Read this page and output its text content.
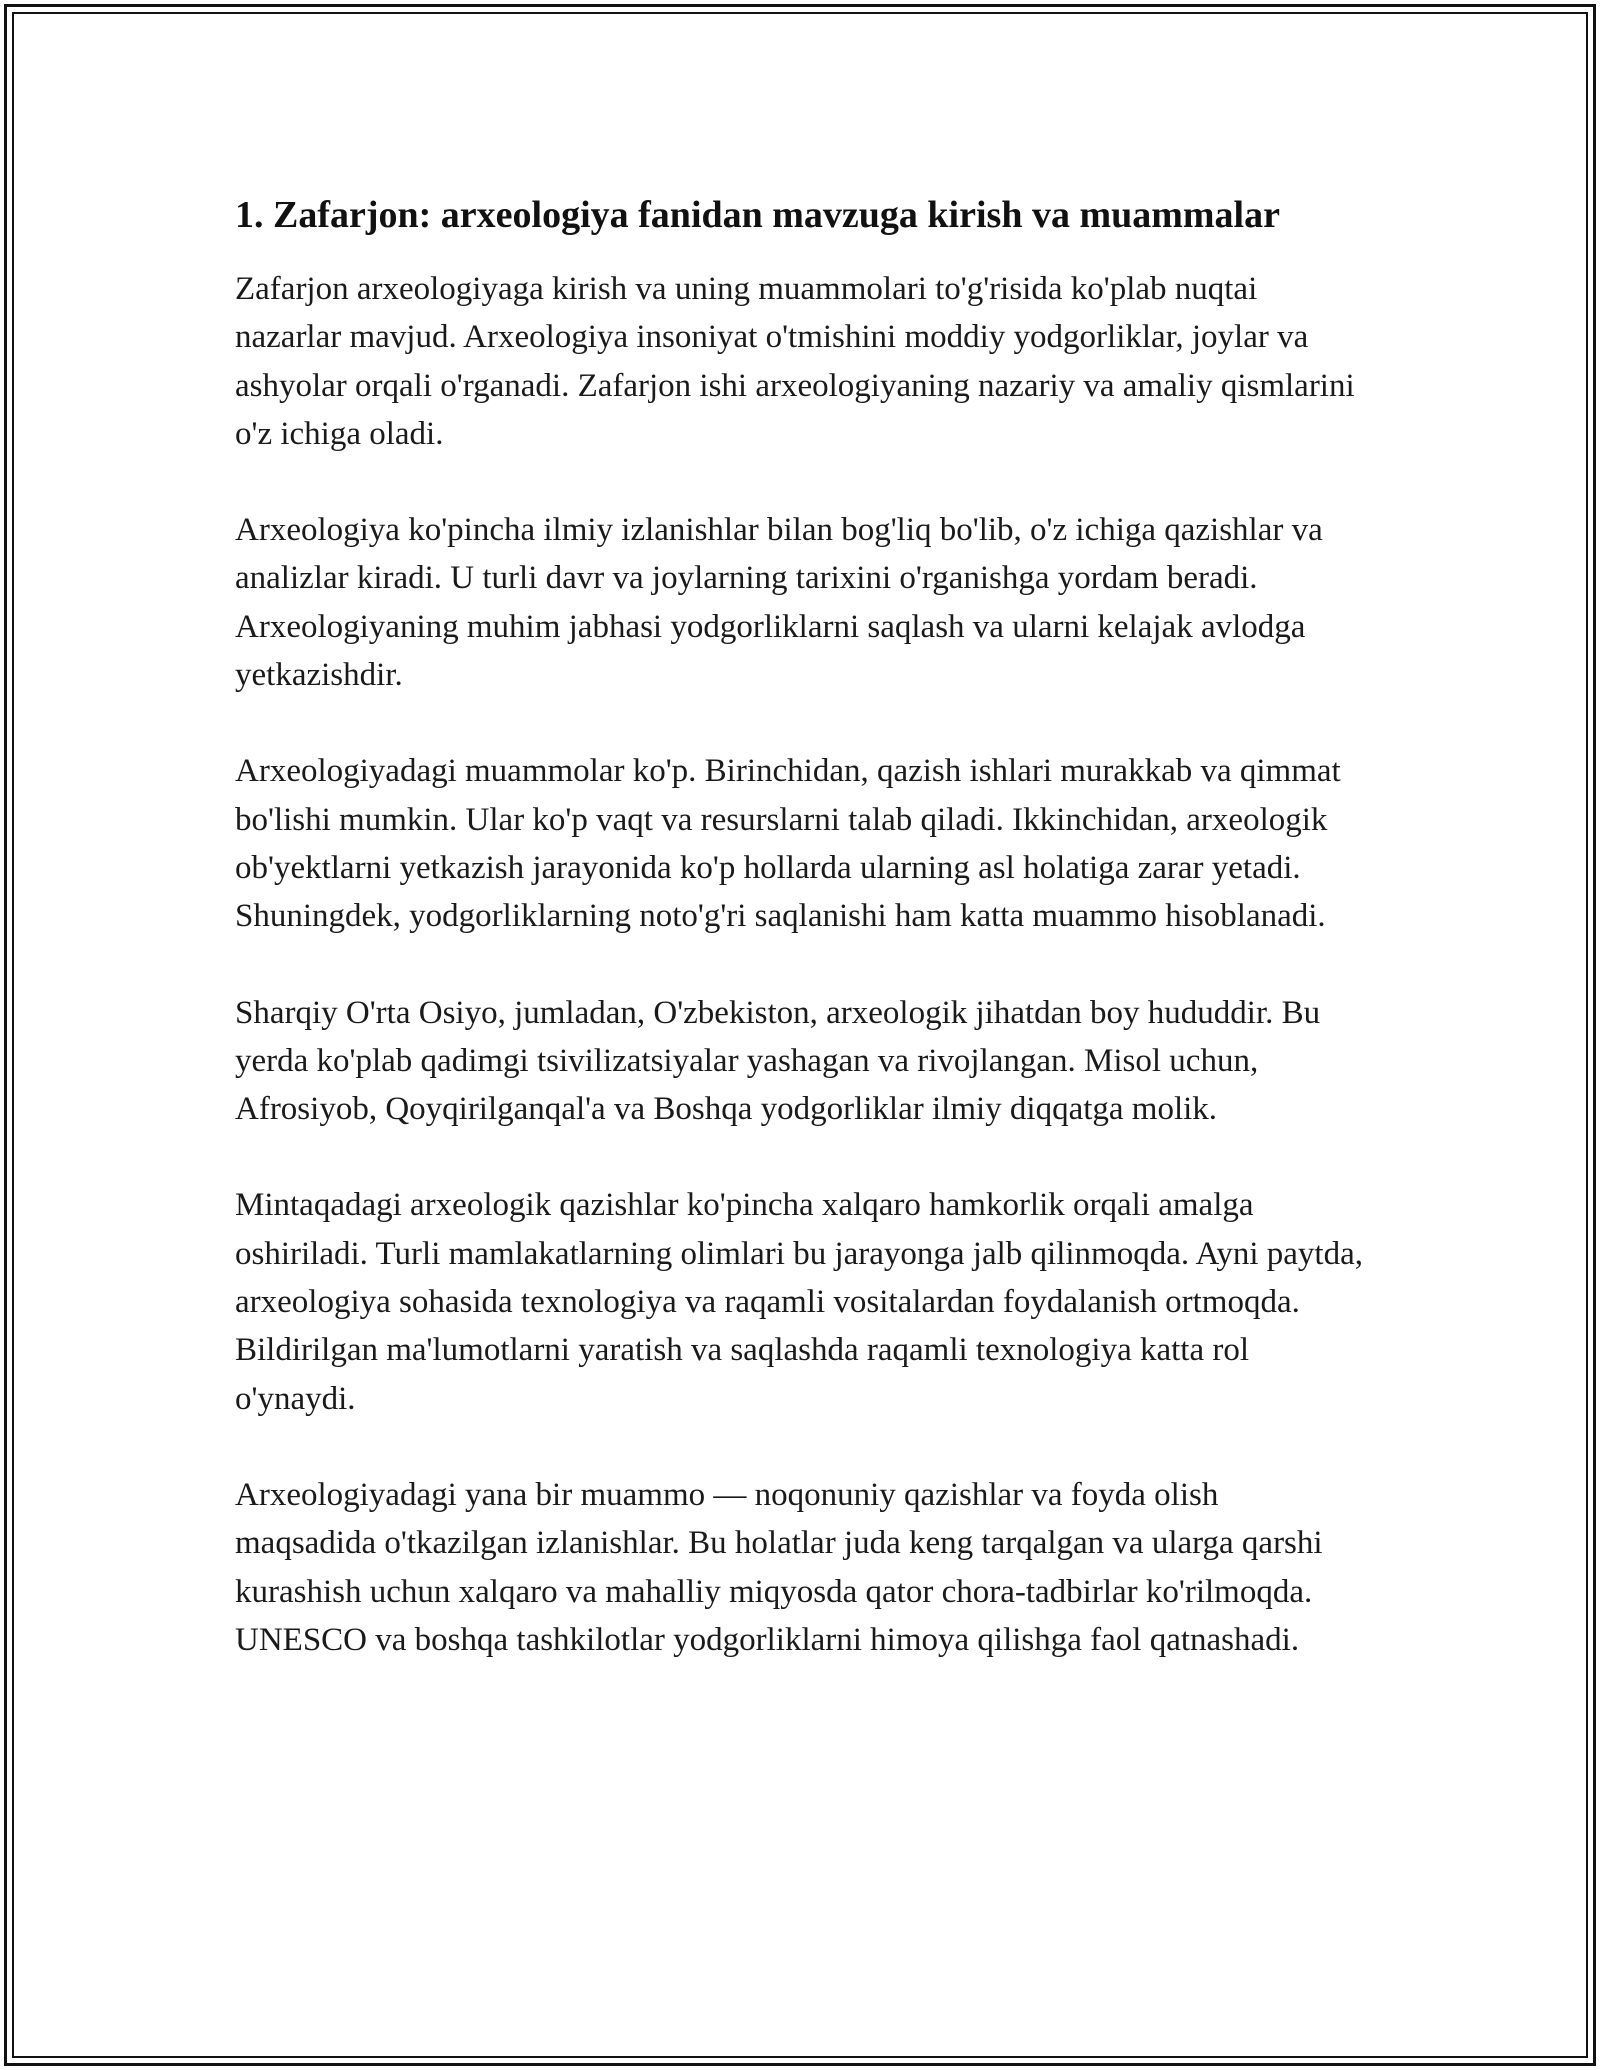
1. Zafarjon: arxeologiya fanidan mavzuga kirish va muammalar

Zafarjon arxeologiyaga kirish va uning muammolari to'g'risida ko'plab nuqtai nazarlar mavjud. Arxeologiya insoniyat o'tmishini moddiy yodgorliklar, joylar va ashyolar orqali o'rganadi. Zafarjon ishi arxeologiyaning nazariy va amaliy qismlarini o'z ichiga oladi.

Arxeologiya ko'pincha ilmiy izlanishlar bilan bog'liq bo'lib, o'z ichiga qazishlar va analizlar kiradi. U turli davr va joylarning tarixini o'rganishga yordam beradi. Arxeologiyaning muhim jabhasi yodgorliklarni saqlash va ularni kelajak avlodga yetkazishdir.

Arxeologiyadagi muammolar ko'p. Birinchidan, qazish ishlari murakkab va qimmat bo'lishi mumkin. Ular ko'p vaqt va resurslarni talab qiladi. Ikkinchidan, arxeologik ob'yektlarni yetkazish jarayonida ko'p hollarda ularning asl holatiga zarar yetadi. Shuningdek, yodgorliklarning noto'g'ri saqlanishi ham katta muammo hisoblanadi.

Sharqiy O'rta Osiyo, jumladan, O'zbekiston, arxeologik jihatdan boy hududdir. Bu yerda ko'plab qadimgi tsivilizatsiyalar yashagan va rivojlangan. Misol uchun, Afrosiyob, Qoyqirilganqal'a va Boshqa yodgorliklar ilmiy diqqatga molik.

Mintaqadagi arxeologik qazishlar ko'pincha xalqaro hamkorlik orqali amalga oshiriladi. Turli mamlakatlarning olimlari bu jarayonga jalb qilinmoqda. Ayni paytda, arxeologiya sohasida texnologiya va raqamli vositalardan foydalanish ortmoqda. Bildirilgan ma'lumotlarni yaratish va saqlashda raqamli texnologiya katta rol o'ynaydi.

Arxeologiyadagi yana bir muammo — noqonuniy qazishlar va foyda olish maqsadida o'tkazilgan izlanishlar. Bu holatlar juda keng tarqalgan va ularga qarshi kurashish uchun xalqaro va mahalliy miqyosda qator chora-tadbirlar ko'rilmoqda. UNESCO va boshqa tashkilotlar yodgorliklarni himoya qilishga faol qatnashadi.
